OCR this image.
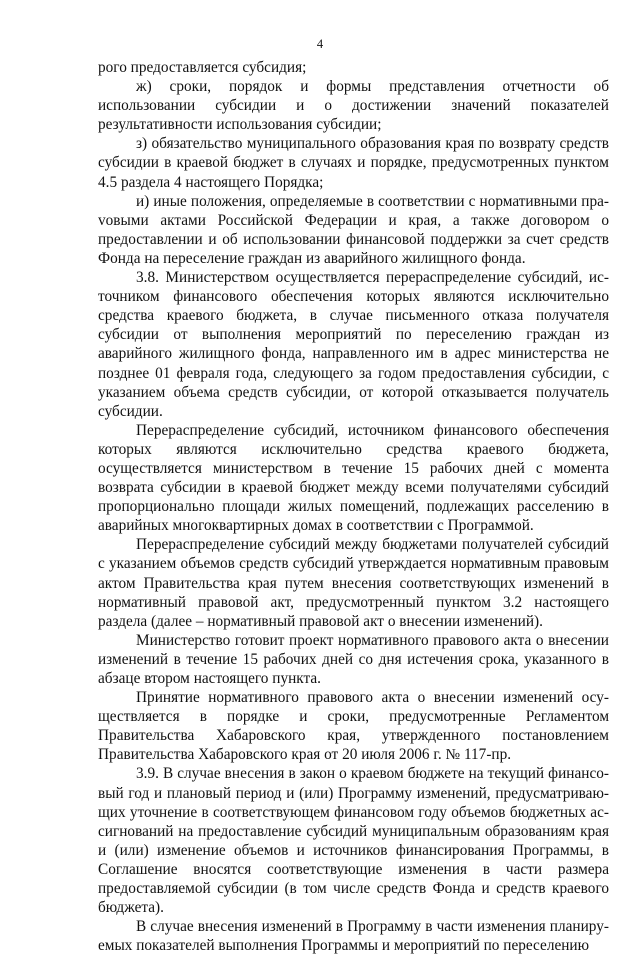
4

рого предоставляется субсидия;

ж) сроки, порядок и формы представления отчетности об использовании субсидии и о достижении значений показателей результативности использования субсидии;

з) обязательство муниципального образования края по возврату средств субсидии в краевой бюджет в случаях и порядке, предусмотренных пунктом 4.5 раздела 4 настоящего Порядка;

и) иные положения, определяемые в соответствии с нормативными праvовыми актами Российской Федерации и края, а также договором о предоставлении и об использовании финансовой поддержки за счет средств Фонда на переселение граждан из аварийного жилищного фонда.

3.8. Министерством осуществляется перераспределение субсидий, источником финансового обеспечения которых являются исключительно средства краевого бюджета, в случае письменного отказа получателя субсидии от выполнения мероприятий по переселению граждан из аварийного жилищного фонда, направленного им в адрес министерства не позднее 01 февраля года, следующего за годом предоставления субсидии, с указанием объема средств субсидии, от которой отказывается получатель субсидии.

Перераспределение субсидий, источником финансового обеспечения которых являются исключительно средства краевого бюджета, осуществляется министерством в течение 15 рабочих дней с момента возврата субсидии в краевой бюджет между всеми получателями субсидий пропорционально площади жилых помещений, подлежащих расселению в аварийных многоквартирных домах в соответствии с Программой.

Перераспределение субсидий между бюджетами получателей субсидий с указанием объемов средств субсидий утверждается нормативным правовым актом Правительства края путем внесения соответствующих изменений в нормативный правовой акт, предусмотренный пунктом 3.2 настоящего раздела (далее – нормативный правовой акт о внесении изменений).

Министерство готовит проект нормативного правового акта о внесении изменений в течение 15 рабочих дней со дня истечения срока, указанного в абзаце втором настоящего пункта.

Принятие нормативного правового акта о внесении изменений осуществляется в порядке и сроки, предусмотренные Регламентом Правительства Хабаровского края, утвержденного постановлением Правительства Хабаровского края от 20 июля 2006 г. № 117-пр.

3.9. В случае внесения в закон о краевом бюджете на текущий финансовый год и плановый период и (или) Программу изменений, предусматривающих уточнение в соответствующем финансовом году объемов бюджетных ассигнований на предоставление субсидий муниципальным образованиям края и (или) изменение объемов и источников финансирования Программы, в Соглашение вносятся соответствующие изменения в части размера предоставляемой субсидии (в том числе средств Фонда и средств краевого бюджета).

В случае внесения изменений в Программу в части изменения планируемых показателей выполнения Программы и мероприятий по переселению
